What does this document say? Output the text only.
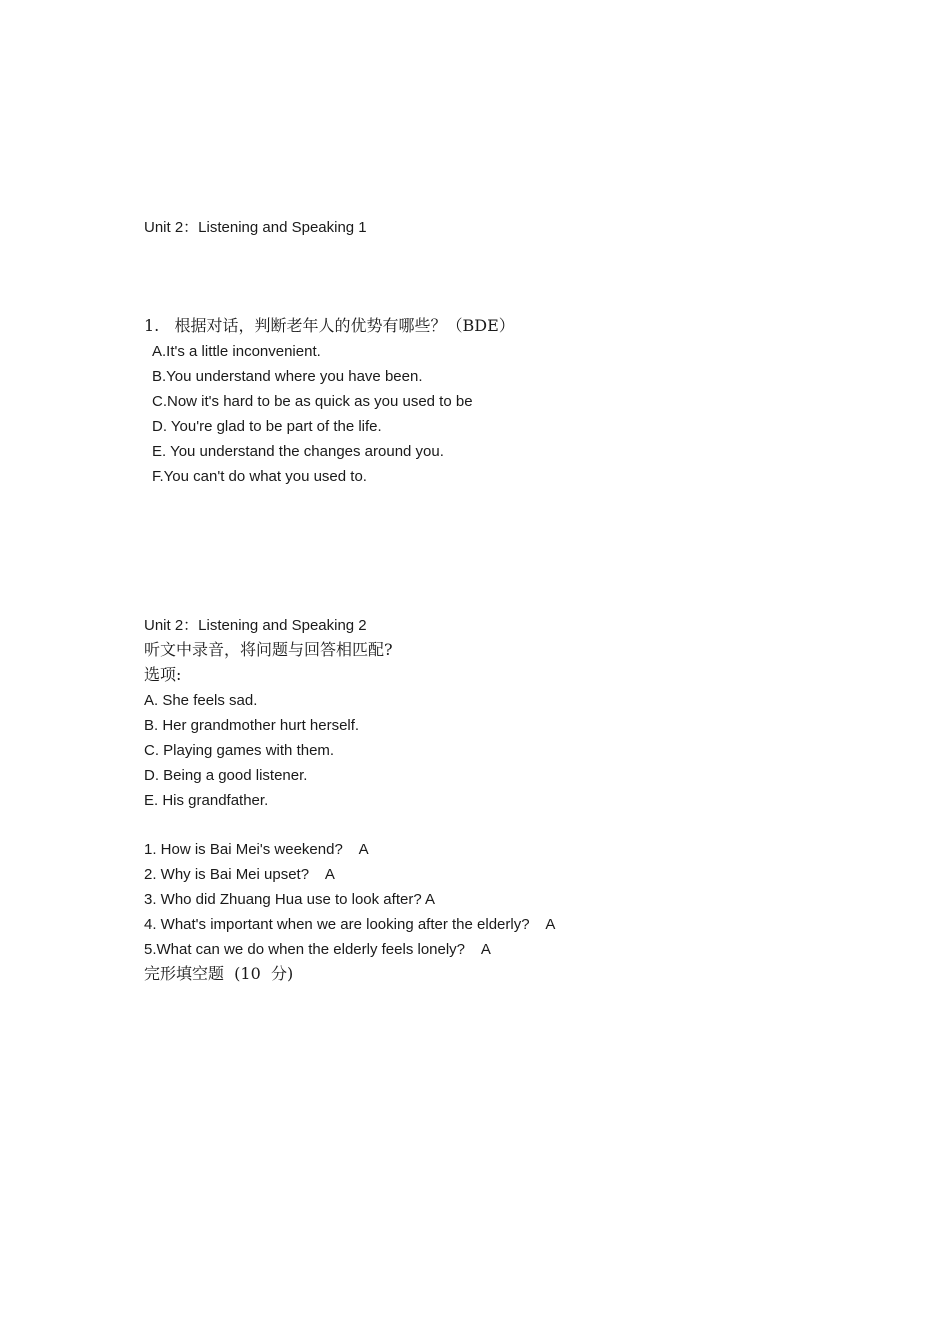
Unit 2：Listening and Speaking 1
1.   根据对话，判断老年人的优势有哪些？（BDE）
A.It's a little inconvenient.
B.You understand where you have been.
C.Now it's hard to be as quick as you used to be
D. You're glad to be part of the life.
E. You understand the changes around you.
F.You can't do what you used to.
Unit 2：Listening and Speaking 2
听文中录音，将问题与回答相匹配?
选项:
A. She feels sad.
B. Her grandmother hurt herself.
C. Playing games with them.
D. Being a good listener.
E. His grandfather.
1. How is Bai Mei's weekend?    A
2. Why is Bai Mei upset?    A
3. Who did Zhuang Hua use to look after? A
4. What's important when we are looking after the elderly?    A
5.What can we do when the elderly feels lonely?    A
完形填空题  (10  分)
